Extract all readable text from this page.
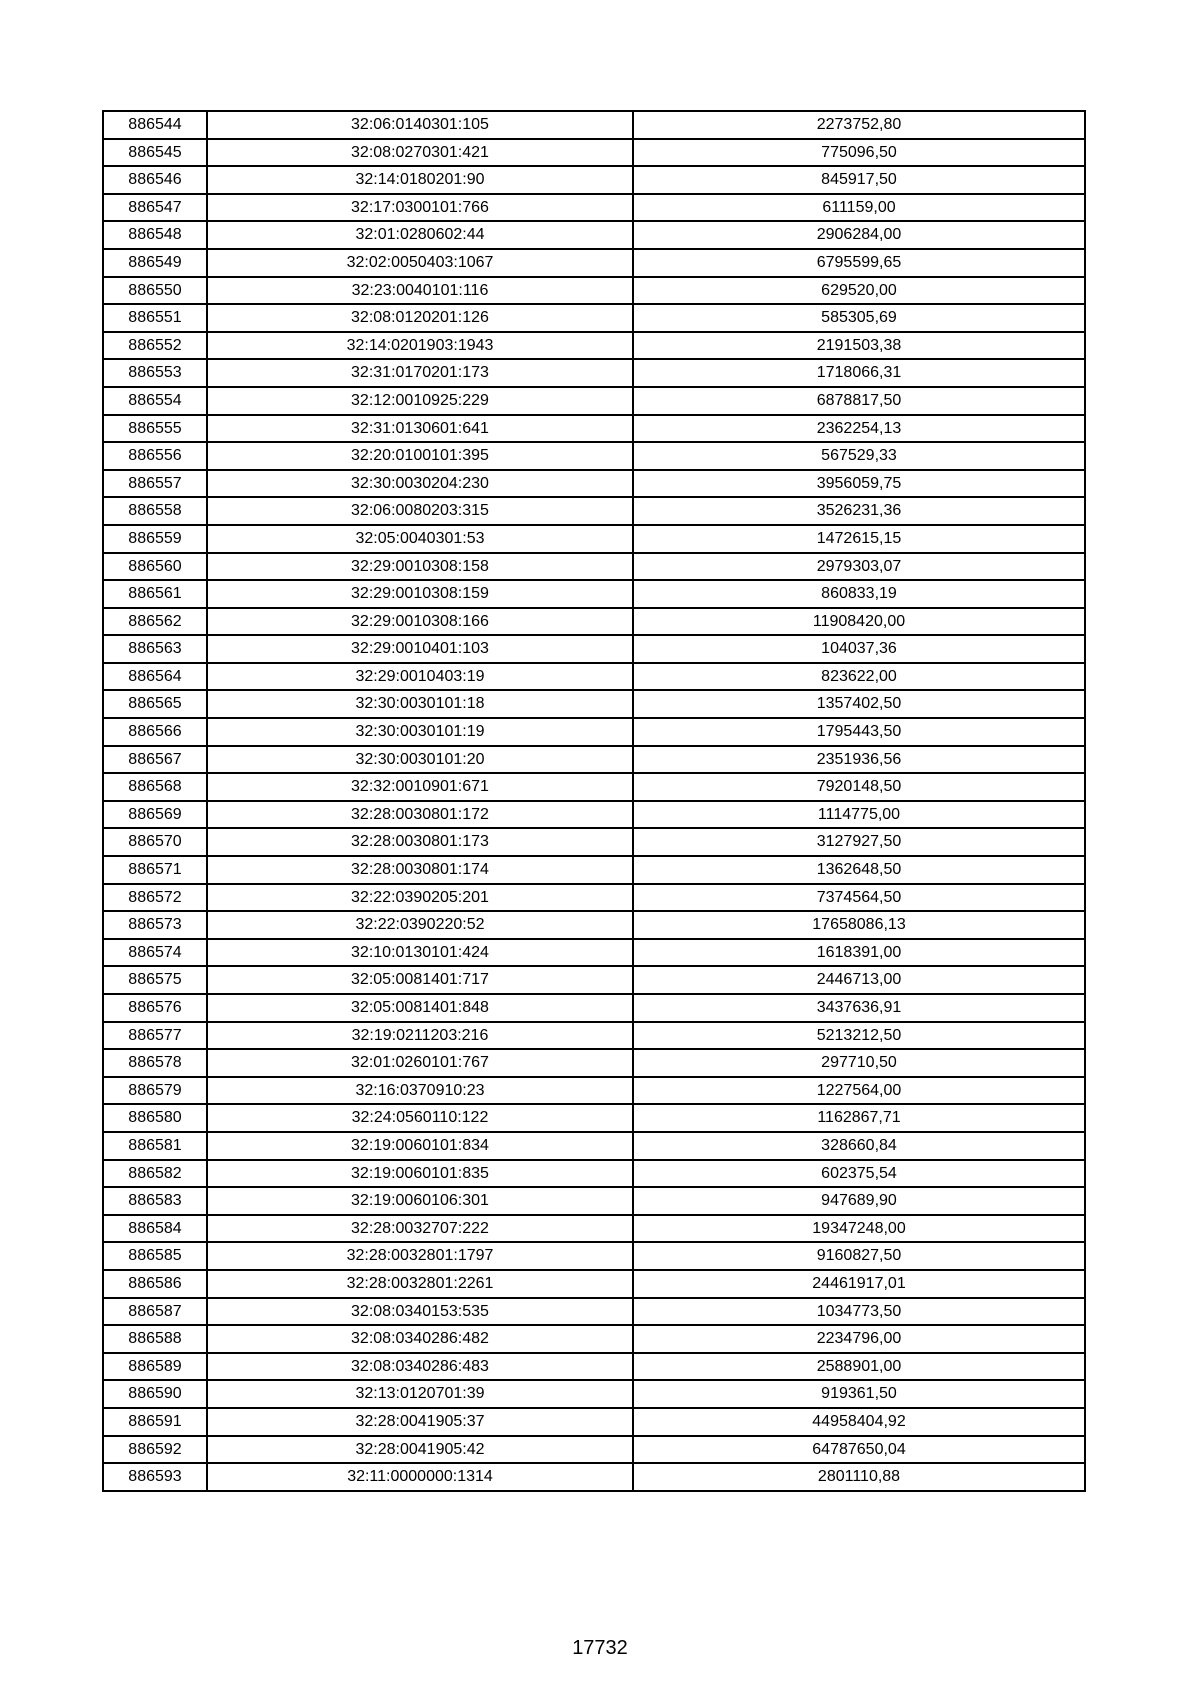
886544	32:06:0140301:105	2273752,80
886545	32:08:0270301:421	775096,50
886546	32:14:0180201:90	845917,50
886547	32:17:0300101:766	611159,00
886548	32:01:0280602:44	2906284,00
886549	32:02:0050403:1067	6795599,65
886550	32:23:0040101:116	629520,00
886551	32:08:0120201:126	585305,69
886552	32:14:0201903:1943	2191503,38
886553	32:31:0170201:173	1718066,31
886554	32:12:0010925:229	6878817,50
886555	32:31:0130601:641	2362254,13
886556	32:20:0100101:395	567529,33
886557	32:30:0030204:230	3956059,75
886558	32:06:0080203:315	3526231,36
886559	32:05:0040301:53	1472615,15
886560	32:29:0010308:158	2979303,07
886561	32:29:0010308:159	860833,19
886562	32:29:0010308:166	11908420,00
886563	32:29:0010401:103	104037,36
886564	32:29:0010403:19	823622,00
886565	32:30:0030101:18	1357402,50
886566	32:30:0030101:19	1795443,50
886567	32:30:0030101:20	2351936,56
886568	32:32:0010901:671	7920148,50
886569	32:28:0030801:172	1114775,00
886570	32:28:0030801:173	3127927,50
886571	32:28:0030801:174	1362648,50
886572	32:22:0390205:201	7374564,50
886573	32:22:0390220:52	17658086,13
886574	32:10:0130101:424	1618391,00
886575	32:05:0081401:717	2446713,00
886576	32:05:0081401:848	3437636,91
886577	32:19:0211203:216	5213212,50
886578	32:01:0260101:767	297710,50
886579	32:16:0370910:23	1227564,00
886580	32:24:0560110:122	1162867,71
886581	32:19:0060101:834	328660,84
886582	32:19:0060101:835	602375,54
886583	32:19:0060106:301	947689,90
886584	32:28:0032707:222	19347248,00
886585	32:28:0032801:1797	9160827,50
886586	32:28:0032801:2261	24461917,01
886587	32:08:0340153:535	1034773,50
886588	32:08:0340286:482	2234796,00
886589	32:08:0340286:483	2588901,00
886590	32:13:0120701:39	919361,50
886591	32:28:0041905:37	44958404,92
886592	32:28:0041905:42	64787650,04
886593	32:11:0000000:1314	2801110,88
17732
